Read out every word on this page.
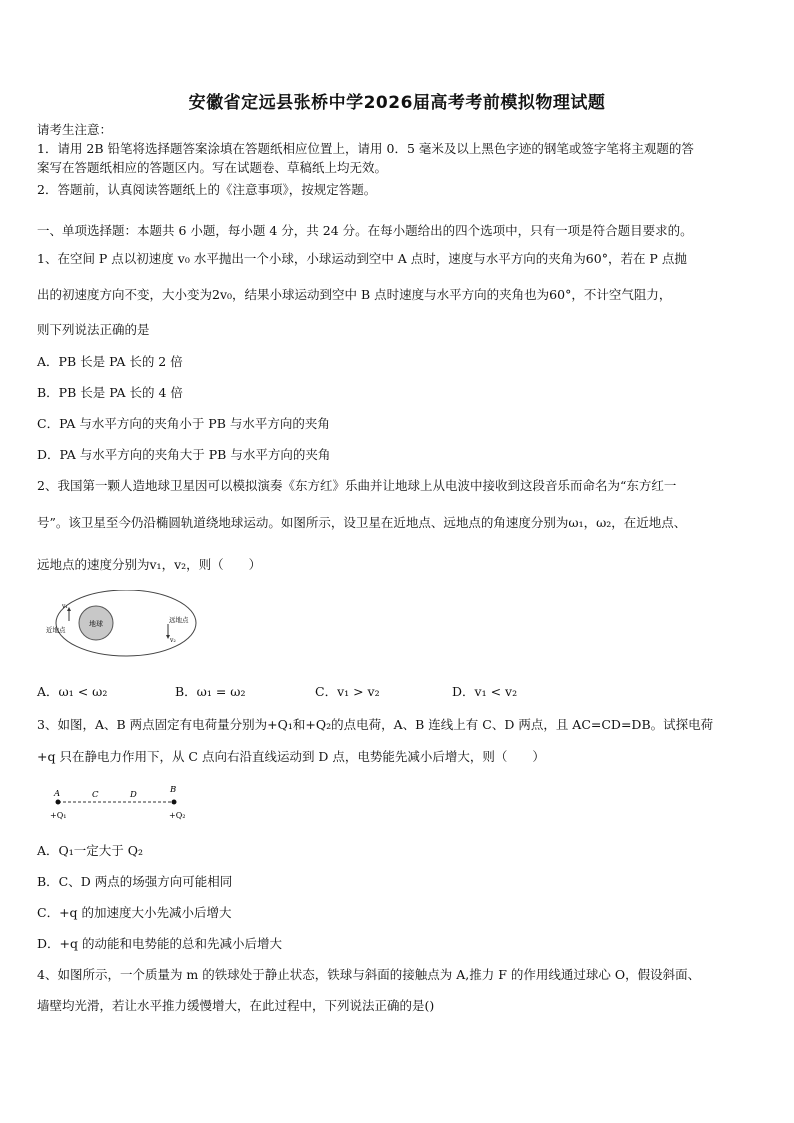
安徽省定远县张桥中学2026届高考考前模拟物理试题
请考生注意：
1．请用 2B 铅笔将选择题答案涂填在答题纸相应位置上，请用 0．5 毫米及以上黑色字迹的钢笔或签字笔将主观题的答
案写在答题纸相应的答题区内。写在试题卷、草稿纸上均无效。
2．答题前，认真阅读答题纸上的《注意事项》，按规定答题。
一、单项选择题：本题共 6 小题，每小题 4 分，共 24 分。在每小题给出的四个选项中，只有一项是符合题目要求的。
1、在空间 P 点以初速度 v₀ 水平抛出一个小球，小球运动到空中 A 点时，速度与水平方向的夹角为60°，若在 P 点抛
出的初速度方向不变，大小变为2v₀，结果小球运动到空中 B 点时速度与水平方向的夹角也为60°，不计空气阻力，
则下列说法正确的是
A．PB 长是 PA 长的 2 倍
B．PB 长是 PA 长的 4 倍
C．PA 与水平方向的夹角小于 PB 与水平方向的夹角
D．PA 与水平方向的夹角大于 PB 与水平方向的夹角
2、我国第一颗人造地球卫星因可以模拟演奏《东方红》乐曲并让地球上从电波中接收到这段音乐而命名为“东方红一
号”。该卫星至今仍沿椭圆轨道绕地球运动。如图所示，设卫星在近地点、远地点的角速度分别为ω₁，ω₂，在近地点、
远地点的速度分别为v₁，v₂，则（　　）
地球
v₁
近地点
v₂
远地点
A．ω₁ < ω₂	B．ω₁ = ω₂	C．v₁ > v₂	D．v₁ < v₂
3、如图，A、B 两点固定有电荷量分别为+Q₁和+Q₂的点电荷，A、B 连线上有 C、D 两点，且 AC=CD=DB。试探电荷
+q 只在静电力作用下，从 C 点向右沿直线运动到 D 点，电势能先减小后增大，则（　　）
A	C	D	B
+Q₁	+Q₂
A．Q₁一定大于 Q₂
B．C、D 两点的场强方向可能相同
C．+q 的加速度大小先减小后增大
D．+q 的动能和电势能的总和先减小后增大
4、如图所示，一个质量为 m 的铁球处于静止状态，铁球与斜面的接触点为 A,推力 F 的作用线通过球心 O，假设斜面、
墙壁均光滑，若让水平推力缓慢增大，在此过程中，下列说法正确的是()
